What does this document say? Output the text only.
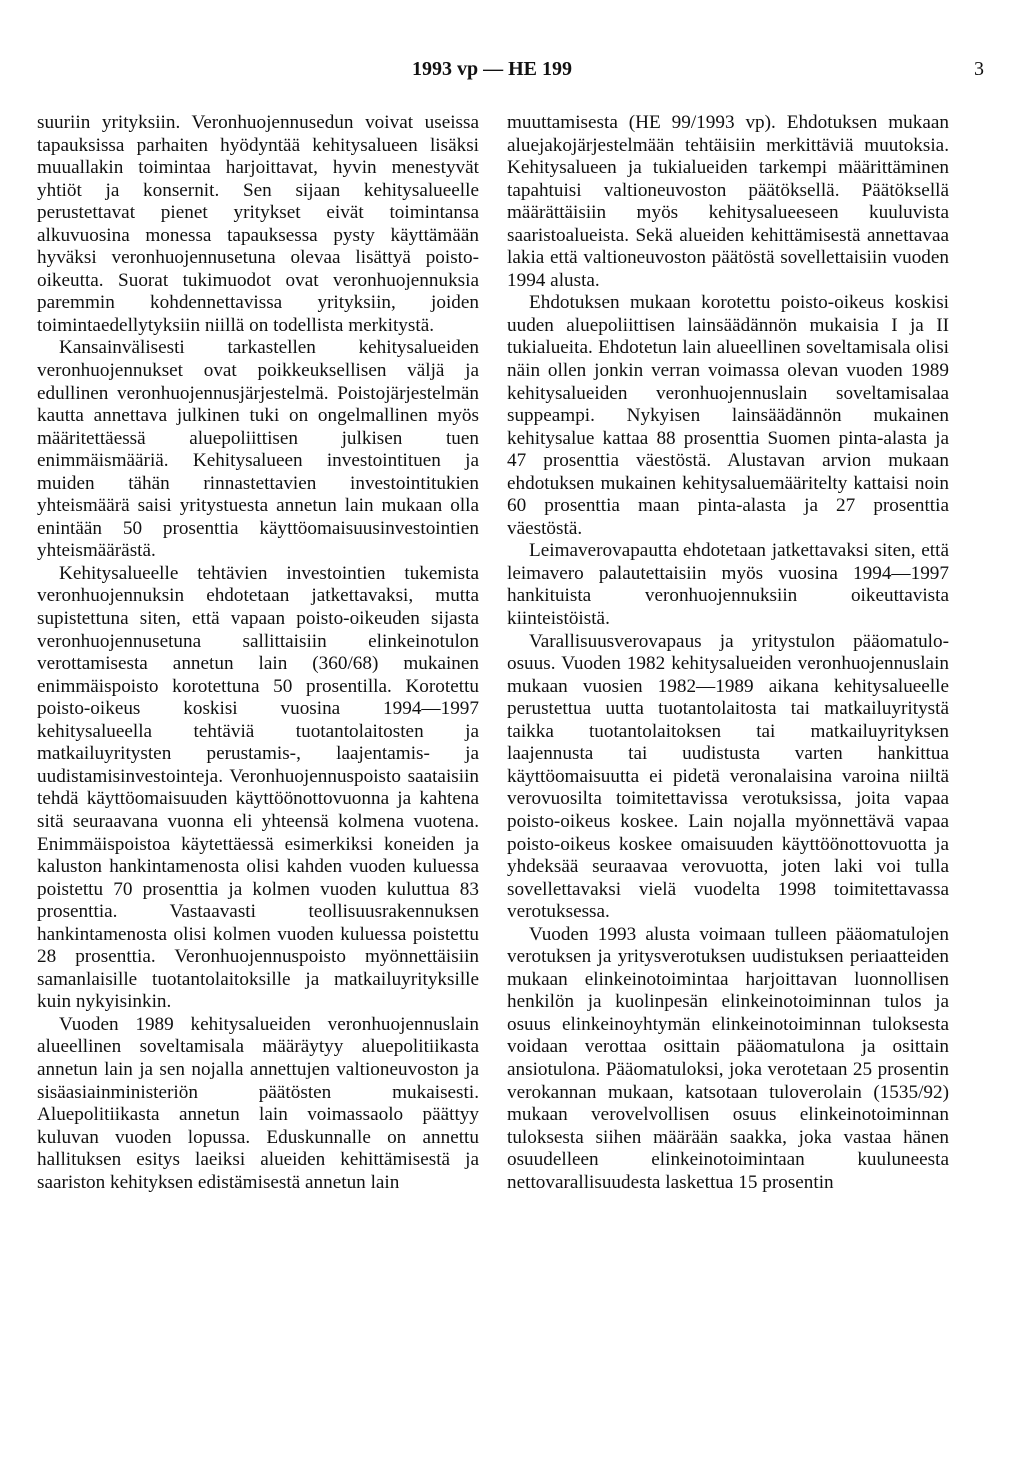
1993 vp — HE 199	3

suuriin yrityksiin. Veronhuojennusedun voivat useissa tapauksissa parhaiten hyödyntää kehitysalueen lisäksi muuallakin toimintaa harjoittavat, hyvin menestyvät yhtiöt ja konsernit. Sen sijaan kehitysalueelle perustettavat pienet yritykset eivät toimintansa alkuvuosina monessa tapauksessa pysty käyttämään hyväksi veronhuojennusetuna olevaa lisättyä poisto-oikeutta. Suorat tukimuodot ovat veronhuojennuksia paremmin kohdennettavissa yrityksiin, joiden toimintaedellytyksiin niillä on todellista merkitystä.

Kansainvälisesti tarkastellen kehitysalueiden veronhuojennukset ovat poikkeuksellisen väljä ja edullinen veronhuojennusjärjestelmä. Poistojärjestelmän kautta annettava julkinen tuki on ongelmallinen myös määritettäessä aluepoliittisen julkisen tuen enimmäismääriä. Kehitysalueen investointituen ja muiden tähän rinnastettavien investointitukien yhteismäärä saisi yritystuesta annetun lain mukaan olla enintään 50 prosenttia käyttöomaisuusinvestointien yhteismäärästä.

Kehitysalueelle tehtävien investointien tukemista veronhuojennuksin ehdotetaan jatkettavaksi, mutta supistettuna siten, että vapaan poisto-oikeuden sijasta veronhuojennusetuna sallittaisiin elinkeinotulon verottamisesta annetun lain (360/68) mukainen enimmäispoisto korotettuna 50 prosentilla. Korotettu poisto-oikeus koskisi vuosina 1994—1997 kehitysalueella tehtäviä tuotantolaitosten ja matkailuyritysten perustamis-, laajentamis- ja uudistamisinvestointeja. Veronhuojennuspoisto saataisiin tehdä käyttöomaisuuden käyttöönottovuonna ja kahtena sitä seuraavana vuonna eli yhteensä kolmena vuotena. Enimmäispoistoa käytettäessä esimerkiksi koneiden ja kaluston hankintamenosta olisi kahden vuoden kuluessa poistettu 70 prosenttia ja kolmen vuoden kuluttua 83 prosenttia. Vastaavasti teollisuusrakennuksen hankintamenosta olisi kolmen vuoden kuluessa poistettu 28 prosenttia. Veronhuojennuspoisto myönnettäisiin samanlaisille tuotantolaitoksille ja matkailuyrityksille kuin nykyisinkin.

Vuoden 1989 kehitysalueiden veronhuojennuslain alueellinen soveltamisala määräytyy aluepolitiikasta annetun lain ja sen nojalla annettujen valtioneuvoston ja sisäasiainministeriön päätösten mukaisesti. Aluepolitiikasta annetun lain voimassaolo päättyy kuluvan vuoden lopussa. Eduskunnalle on annettu hallituksen esitys laeiksi alueiden kehittämisestä ja saariston kehityksen edistämisestä annetun lain

muuttamisesta (HE 99/1993 vp). Ehdotuksen mukaan aluejakojärjestelmään tehtäisiin merkittäviä muutoksia. Kehitysalueen ja tukialueiden tarkempi määrittäminen tapahtuisi valtioneuvoston päätöksellä. Päätöksellä määrättäisiin myös kehitysalueeseen kuuluvista saaristoalueista. Sekä alueiden kehittämisestä annettavaa lakia että valtioneuvoston päätöstä sovellettaisiin vuoden 1994 alusta.

Ehdotuksen mukaan korotettu poisto-oikeus koskisi uuden aluepoliittisen lainsäädännön mukaisia I ja II tukialueita. Ehdotetun lain alueellinen soveltamisala olisi näin ollen jonkin verran voimassa olevan vuoden 1989 kehitysalueiden veronhuojennuslain soveltamisalaa suppeampi. Nykyisen lainsäädännön mukainen kehitysalue kattaa 88 prosenttia Suomen pinta-alasta ja 47 prosenttia väestöstä. Alustavan arvion mukaan ehdotuksen mukainen kehitysaluemääritelty kattaisi noin 60 prosenttia maan pinta-alasta ja 27 prosenttia väestöstä.

Leimaverovapautta ehdotetaan jatkettavaksi siten, että leimavero palautettaisiin myös vuosina 1994—1997 hankituista veronhuojennuksiin oikeuttavista kiinteistöistä.

Varallisuusverovapaus ja yritystulon pääomatulo-osuus. Vuoden 1982 kehitysalueiden veronhuojennuslain mukaan vuosien 1982—1989 aikana kehitysalueelle perustettua uutta tuotantolaitosta tai matkailuyritystä taikka tuotantolaitoksen tai matkailuyrityksen laajennusta tai uudistusta varten hankittua käyttöomaisuutta ei pidetä veronalaisina varoina niiltä verovuosilta toimitettavissa verotuksissa, joita vapaa poisto-oikeus koskee. Lain nojalla myönnettävä vapaa poisto-oikeus koskee omaisuuden käyttöönottovuotta ja yhdeksää seuraavaa verovuotta, joten laki voi tulla sovellettavaksi vielä vuodelta 1998 toimitettavassa verotuksessa.

Vuoden 1993 alusta voimaan tulleen pääomatulojen verotuksen ja yritysverotuksen uudistuksen periaatteiden mukaan elinkeinotoimintaa harjoittavan luonnollisen henkilön ja kuolinpesän elinkeinotoiminnan tulos ja osuus elinkeinoyhtymän elinkeinotoiminnan tuloksesta voidaan verottaa osittain pääomatulona ja osittain ansiotulona. Pääomatuloksi, joka verotetaan 25 prosentin verokannan mukaan, katsotaan tuloverolain (1535/92) mukaan verovelvollisen osuus elinkeinotoiminnan tuloksesta siihen määrään saakka, joka vastaa hänen osuudelleen elinkeinotoimintaan kuuluneesta nettovarallisuudesta laskettua 15 prosentin
